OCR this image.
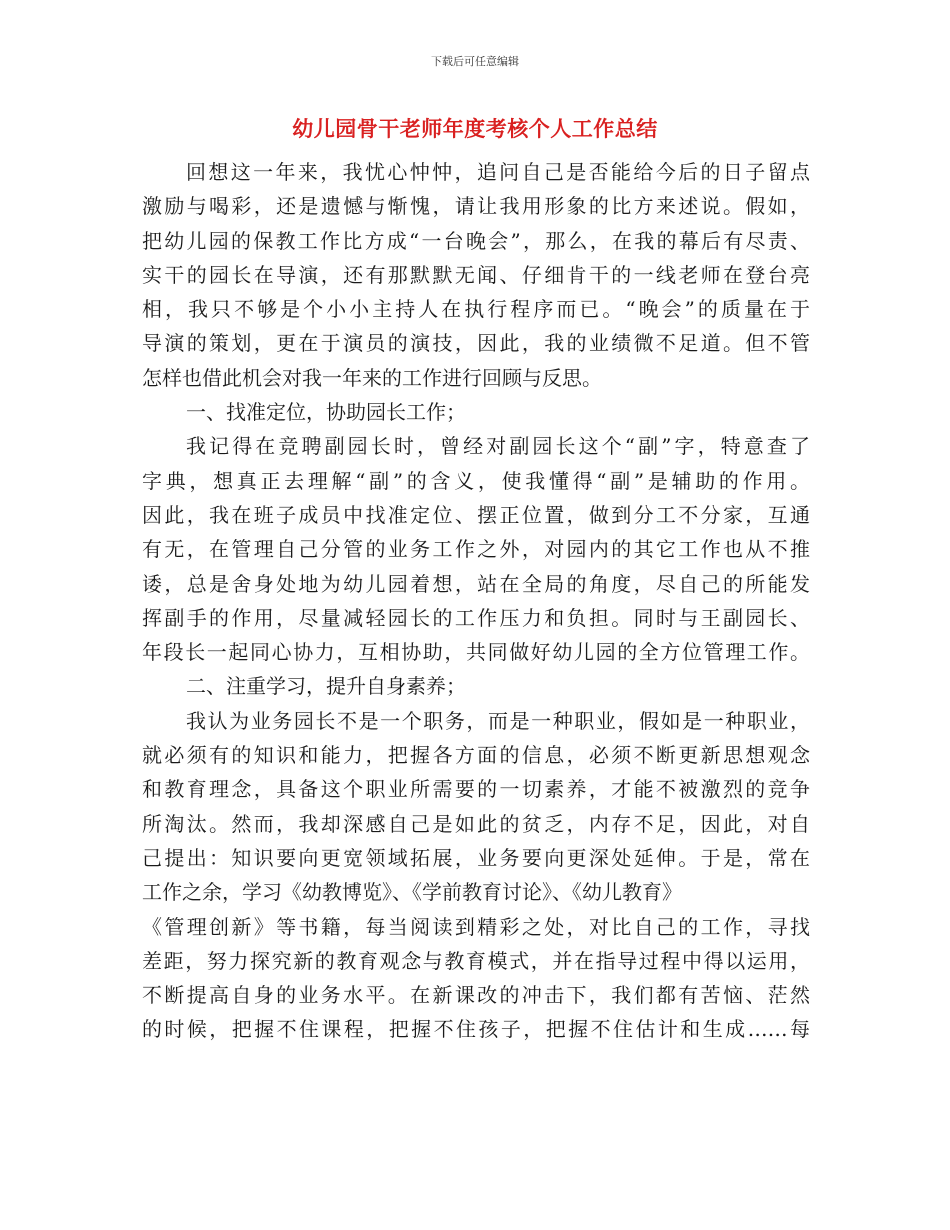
下载后可任意编辑
幼儿园骨干老师年度考核个人工作总结
回想这一年来，我忧心忡忡，追问自己是否能给今后的日子留点
激励与喝彩，还是遗憾与惭愧，请让我用形象的比方来述说。假如，
把幼儿园的保教工作比方成“一台晚会”，那么，在我的幕后有尽责、
实干的园长在导演，还有那默默无闻、仔细肯干的一线老师在登台亮
相，我只不够是个小小主持人在执行程序而已。“晚会”的质量在于
导演的策划，更在于演员的演技，因此，我的业绩微不足道。但不管
怎样也借此机会对我一年来的工作进行回顾与反思。
一、找准定位，协助园长工作；
我记得在竞聘副园长时，曾经对副园长这个“副”字，特意查了
字典，想真正去理解“副”的含义，使我懂得“副”是辅助的作用。
因此，我在班子成员中找准定位、摆正位置，做到分工不分家，互通
有无，在管理自己分管的业务工作之外，对园内的其它工作也从不推
诿，总是舍身处地为幼儿园着想，站在全局的角度，尽自己的所能发
挥副手的作用，尽量减轻园长的工作压力和负担。同时与王副园长、
年段长一起同心协力，互相协助，共同做好幼儿园的全方位管理工作。
二、注重学习，提升自身素养；
我认为业务园长不是一个职务，而是一种职业，假如是一种职业，
就必须有的知识和能力，把握各方面的信息，必须不断更新思想观念
和教育理念，具备这个职业所需要的一切素养，才能不被激烈的竞争
所淘汰。然而，我却深感自己是如此的贫乏，内存不足，因此，对自
己提出：知识要向更宽领域拓展，业务要向更深处延伸。于是，常在
工作之余，学习《幼教博览》、《学前教育讨论》、《幼儿教育》
《管理创新》等书籍，每当阅读到精彩之处，对比自己的工作，寻找
差距，努力探究新的教育观念与教育模式，并在指导过程中得以运用，
不断提高自身的业务水平。在新课改的冲击下，我们都有苦恼、茫然
的时候，把握不住课程，把握不住孩子，把握不住估计和生成……每
